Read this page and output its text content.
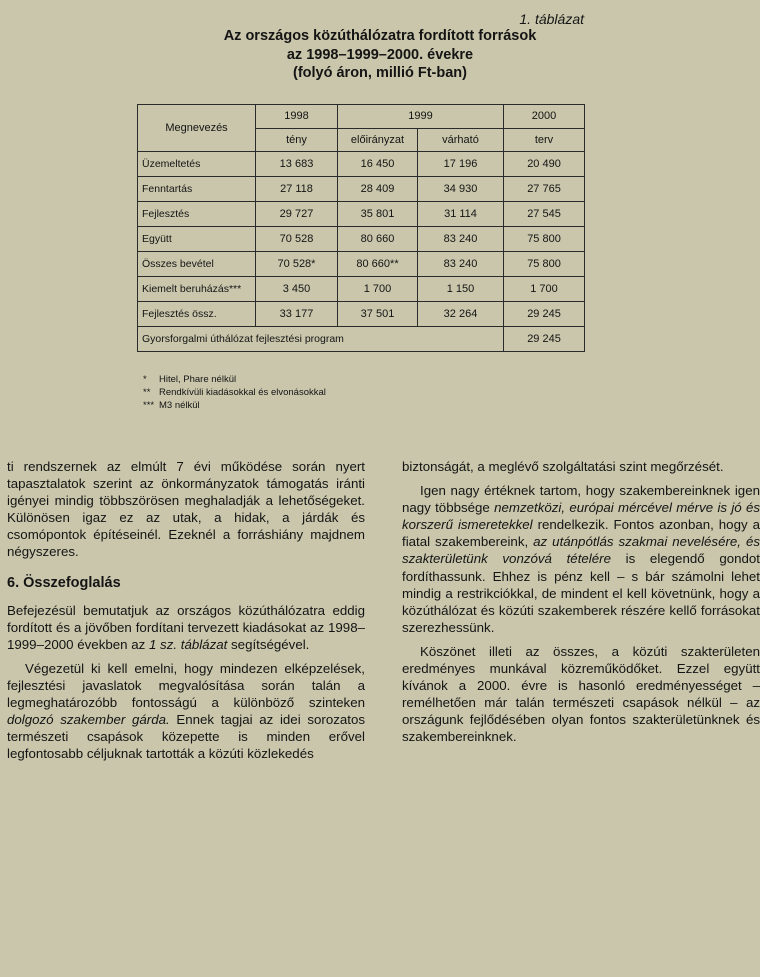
1. táblázat
Az országos közúthálózatra fordított források
az 1998–1999–2000. évekre
(folyó áron, millió Ft-ban)
Megnevezés	1998	1999		2000
	tény	előirányzat	várható	terv
Üzemeltetés	13 683	16 450	17 196	20 490
Fenntartás	27 118	28 409	34 930	27 765
Fejlesztés	29 727	35 801	31 114	27 545
Együtt	70 528	80 660	83 240	75 800
Összes bevétel	70 528*	80 660**	83 240	75 800
Kiemelt beruházás***	3 450	1 700	1 150	1 700
Fejlesztés össz.	33 177	37 501	32 264	29 245
Gyorsforgalmi úthálózat fejlesztési program				29 245
* Hitel, Phare nélkül
** Rendkívüli kiadásokkal és elvonásokkal
*** M3 nélkül

ti rendszernek az elmúlt 7 évi működése során nyert tapasztalatok szerint az önkormányzatok támogatás iránti igényei mindig többszörösen meghaladják a lehetőségeket. Különösen igaz ez az utak, a hidak, a járdák és csomópontok építéseinél. Ezeknél a forráshiány majdnem négyszeres.

6. Összefoglalás

Befejezésül bemutatjuk az országos közúthálózatra eddig fordított és a jövőben fordítani tervezett kiadásokat az 1998–1999–2000 években az 1 sz. táblázat segítségével.

Végezetül ki kell emelni, hogy mindezen elképzelések, fejlesztési javaslatok megvalósítása során talán a legmeghatározóbb fontosságú a különböző szinteken dolgozó szakember gárda. Ennek tagjai az idei sorozatos természeti csapások közepette is minden erővel legfontosabb céljuknak tartották a közúti közlekedés

biztonságát, a meglévő szolgáltatási szint megőrzését.

Igen nagy értéknek tartom, hogy szakembereinknek igen nagy többsége nemzetközi, európai mércével mérve is jó és korszerű ismeretekkel rendelkezik. Fontos azonban, hogy a fiatal szakembereink, az utánpótlás szakmai nevelésére, és szakterületünk vonzóvá tételére is elegendő gondot fordíthassunk. Ehhez is pénz kell – s bár számolni lehet mindig a restrikciókkal, de mindent el kell követnünk, hogy a közúthálózat és közúti szakemberek részére kellő forrásokat szerezhessünk.

Köszönet illeti az összes, a közúti szakterületen eredményes munkával közreműködőket. Ezzel együtt kívánok a 2000. évre is hasonló eredményességet – remélhetően már talán természeti csapások nélkül – az országunk fejlődésében olyan fontos szakterületünknek és szakembereinknek.
